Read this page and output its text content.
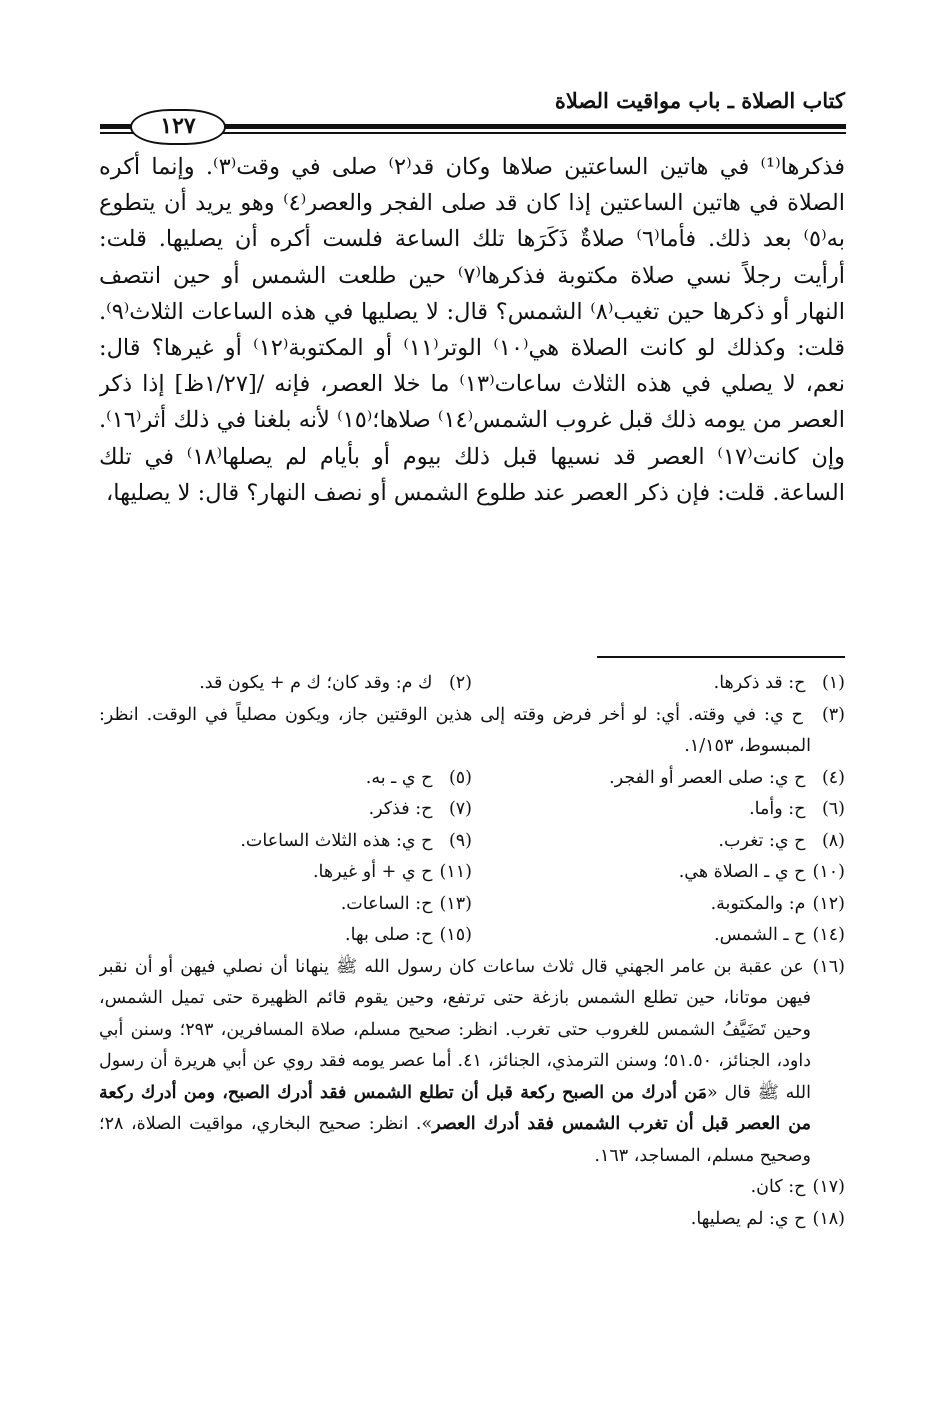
كتاب الصلاة ـ باب مواقيت الصلاة
١٢٧
فذكرها⁽¹⁾ في هاتين الساعتين صلاها وكان قد⁽٢⁾ صلى في وقت⁽٣⁾. وإنما أكره الصلاة في هاتين الساعتين إذا كان قد صلى الفجر والعصر⁽٤⁾ وهو يريد أن يتطوع به⁽٥⁾ بعد ذلك. فأما⁽٦⁾ صلاةٌ ذَكَرَها تلك الساعة فلست أكره أن يصليها. قلت: أرأيت رجلاً نسي صلاة مكتوبة فذكرها⁽٧⁾ حين طلعت الشمس أو حين انتصف النهار أو ذكرها حين تغيب⁽٨⁾ الشمس؟ قال: لا يصليها في هذه الساعات الثلاث⁽٩⁾. قلت: وكذلك لو كانت الصلاة هي⁽١٠⁾ الوتر⁽١١⁾ أو المكتوبة⁽١٢⁾ أو غيرها؟ قال: نعم، لا يصلي في هذه الثلاث ساعات⁽١٣⁾ ما خلا العصر، فإنه /[١/٢٧ظ] إذا ذكر العصر من يومه ذلك قبل غروب الشمس⁽١٤⁾ صلاها؛⁽١٥⁾ لأنه بلغنا في ذلك أثر⁽١٦⁾. وإن كانت⁽١٧⁾ العصر قد نسيها قبل ذلك بيوم أو بأيام لم يصلها⁽١٨⁾ في تلك الساعة. قلت: فإن ذكر العصر عند طلوع الشمس أو نصف النهار؟ قال: لا يصليها،
(١) ح: قد ذكرها.
(٢) ك م: وقد كان؛ ك م + يكون قد.
(٣) ح ي: في وقته. أي: لو أخر فرض وقته إلى هذين الوقتين جاز، ويكون مصلياً في الوقت. انظر: المبسوط، ١/١٥٣.
(٤) ح ي: صلى العصر أو الفجر.
(٥) ح ي ـ به.
(٦) ح: وأما.
(٧) ح: فذكر.
(٨) ح ي: تغرب.
(٩) ح ي: هذه الثلاث الساعات.
(١٠) ح ي ـ الصلاة هي.
(١١) ح ي + أو غيرها.
(١٢) م: والمكتوبة.
(١٣) ح: الساعات.
(١٤) ح ـ الشمس.
(١٥) ح: صلى بها.
(١٦) عن عقبة بن عامر الجهني قال ثلاث ساعات كان رسول الله ﷺ ينهانا أن نصلي فيهن أو أن نقبر فيهن موتانا، حين تطلع الشمس بازغة حتى ترتفع، وحين يقوم قائم الظهيرة حتى تميل الشمس، وحين تَضَيَّفُ الشمس للغروب حتى تغرب. انظر: صحيح مسلم، صلاة المسافرين، ٢٩٣؛ وسنن أبي داود، الجنائز، ٥١.٥٠؛ وسنن الترمذي، الجنائز، ٤١. أما عصر يومه فقد روي عن أبي هريرة أن رسول الله ﷺ قال «مَن أدرك من الصبح ركعة قبل أن تطلع الشمس فقد أدرك الصبح، ومن أدرك ركعة من العصر قبل أن تغرب الشمس فقد أدرك العصر». انظر: صحيح البخاري، مواقيت الصلاة، ٢٨؛ وصحيح مسلم، المساجد، ١٦٣.
(١٧) ح: كان.
(١٨) ح ي: لم يصليها.
